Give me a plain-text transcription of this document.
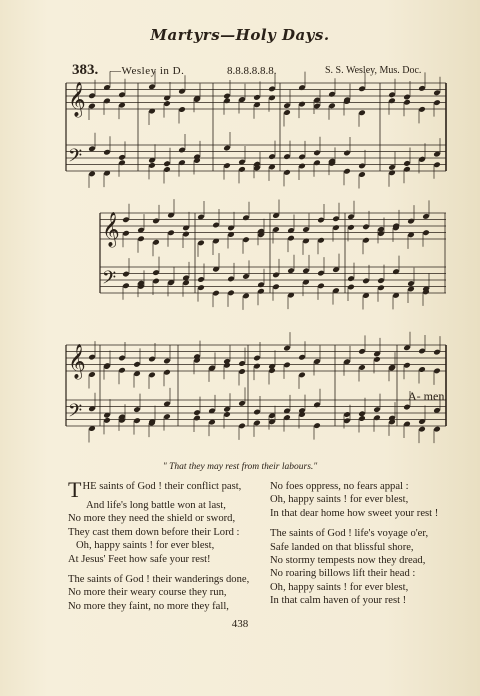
Martyrs—Holy Days.
383. —Wesley in D.	8.8.8.8.8.8.	S. S. Wesley, Mus. Doc.
𝄞
𝄢
𝄞
𝄢
𝄞
𝄢
A- men.
" That they may rest from their labours."
T HE saints of God ! their conflict past,
And life's long battle won at last,
No more they need the shield or sword,
They cast them down before their Lord :
Oh, happy saints ! for ever blest,
At Jesus' Feet how safe your rest!
The saints of God ! their wanderings done,
No more their weary course they run,
No more they faint, no more they fall,
No foes oppress, no fears appal :
Oh, happy saints ! for ever blest,
In that dear home how sweet your rest !
The saints of God ! life's voyage o'er,
Safe landed on that blissful shore,
No stormy tempests now they dread,
No roaring billows lift their head :
Oh, happy saints ! for ever blest,
In that calm haven of your rest !
438
